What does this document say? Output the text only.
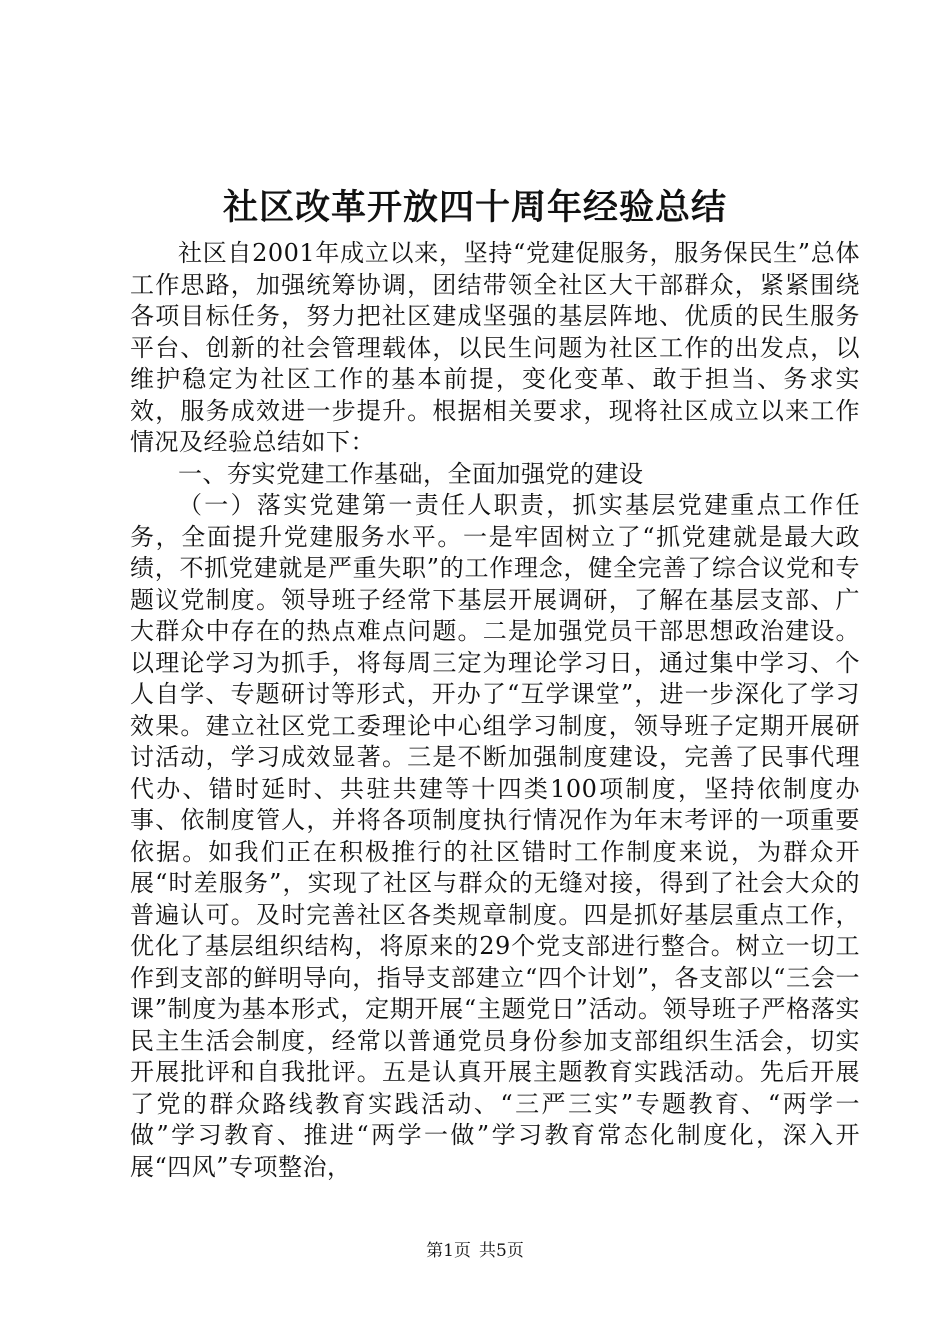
社区改革开放四十周年经验总结

社区自2001年成立以来，坚持“党建促服务，服务保民生”总体工作思路，加强统筹协调，团结带领全社区大干部群众，紧紧围绕各项目标任务，努力把社区建成坚强的基层阵地、优质的民生服务平台、创新的社会管理载体，以民生问题为社区工作的出发点，以维护稳定为社区工作的基本前提，变化变革、敢于担当、务求实效，服务成效进一步提升。根据相关要求，现将社区成立以来工作情况及经验总结如下：

一、夯实党建工作基础，全面加强党的建设

（一）落实党建第一责任人职责，抓实基层党建重点工作任务，全面提升党建服务水平。一是牢固树立了“抓党建就是最大政绩，不抓党建就是严重失职”的工作理念，健全完善了综合议党和专题议党制度。领导班子经常下基层开展调研，了解在基层支部、广大群众中存在的热点难点问题。二是加强党员干部思想政治建设。以理论学习为抓手，将每周三定为理论学习日，通过集中学习、个人自学、专题研讨等形式，开办了“互学课堂”，进一步深化了学习效果。建立社区党工委理论中心组学习制度，领导班子定期开展研讨活动，学习成效显著。三是不断加强制度建设，完善了民事代理代办、错时延时、共驻共建等十四类100项制度，坚持依制度办事、依制度管人，并将各项制度执行情况作为年末考评的一项重要依据。如我们正在积极推行的社区错时工作制度来说，为群众开展“时差服务”，实现了社区与群众的无缝对接，得到了社会大众的普遍认可。及时完善社区各类规章制度。四是抓好基层重点工作，优化了基层组织结构，将原来的29个党支部进行整合。树立一切工作到支部的鲜明导向，指导支部建立“四个计划”，各支部以“三会一课”制度为基本形式，定期开展“主题党日”活动。领导班子严格落实民主生活会制度，经常以普通党员身份参加支部组织生活会，切实开展批评和自我批评。五是认真开展主题教育实践活动。先后开展了党的群众路线教育实践活动、“三严三实”专题教育、“两学一做”学习教育、推进“两学一做”学习教育常态化制度化，深入开展“四风”专项整治，

第1页 共5页
